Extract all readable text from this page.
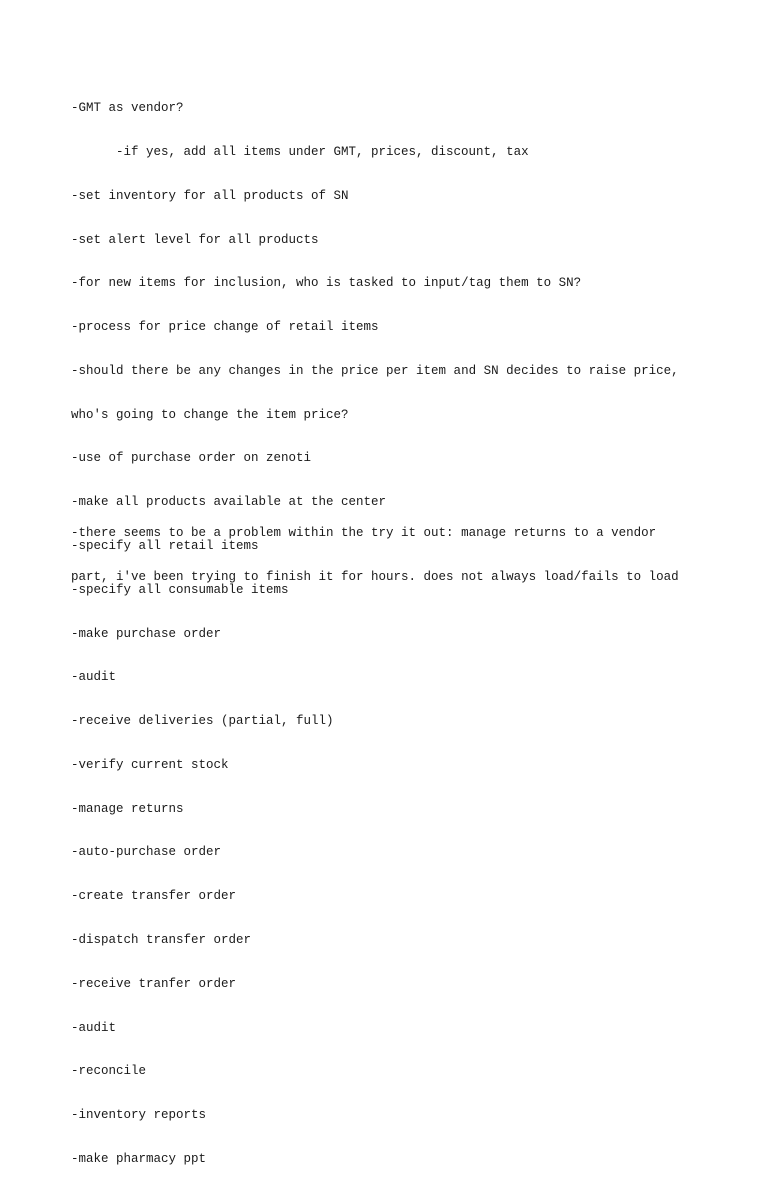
-GMT as vendor?

-if yes, add all items under GMT, prices, discount, tax

-set inventory for all products of SN

-set alert level for all products

-for new items for inclusion, who is tasked to input/tag them to SN?

-process for price change of retail items

-should there be any changes in the price per item and SN decides to raise price,

who's going to change the item price?

-use of purchase order on zenoti

-make all products available at the center

-specify all retail items

-specify all consumable items

-make purchase order

-audit

-receive deliveries (partial, full)

-verify current stock

-manage returns

-auto-purchase order

-create transfer order

-dispatch transfer order

-receive tranfer order

-audit

-reconcile

-inventory reports

-make pharmacy ppt

-there seems to be a problem within the try it out: manage returns to a vendor

part, i've been trying to finish it for hours. does not always load/fails to load
